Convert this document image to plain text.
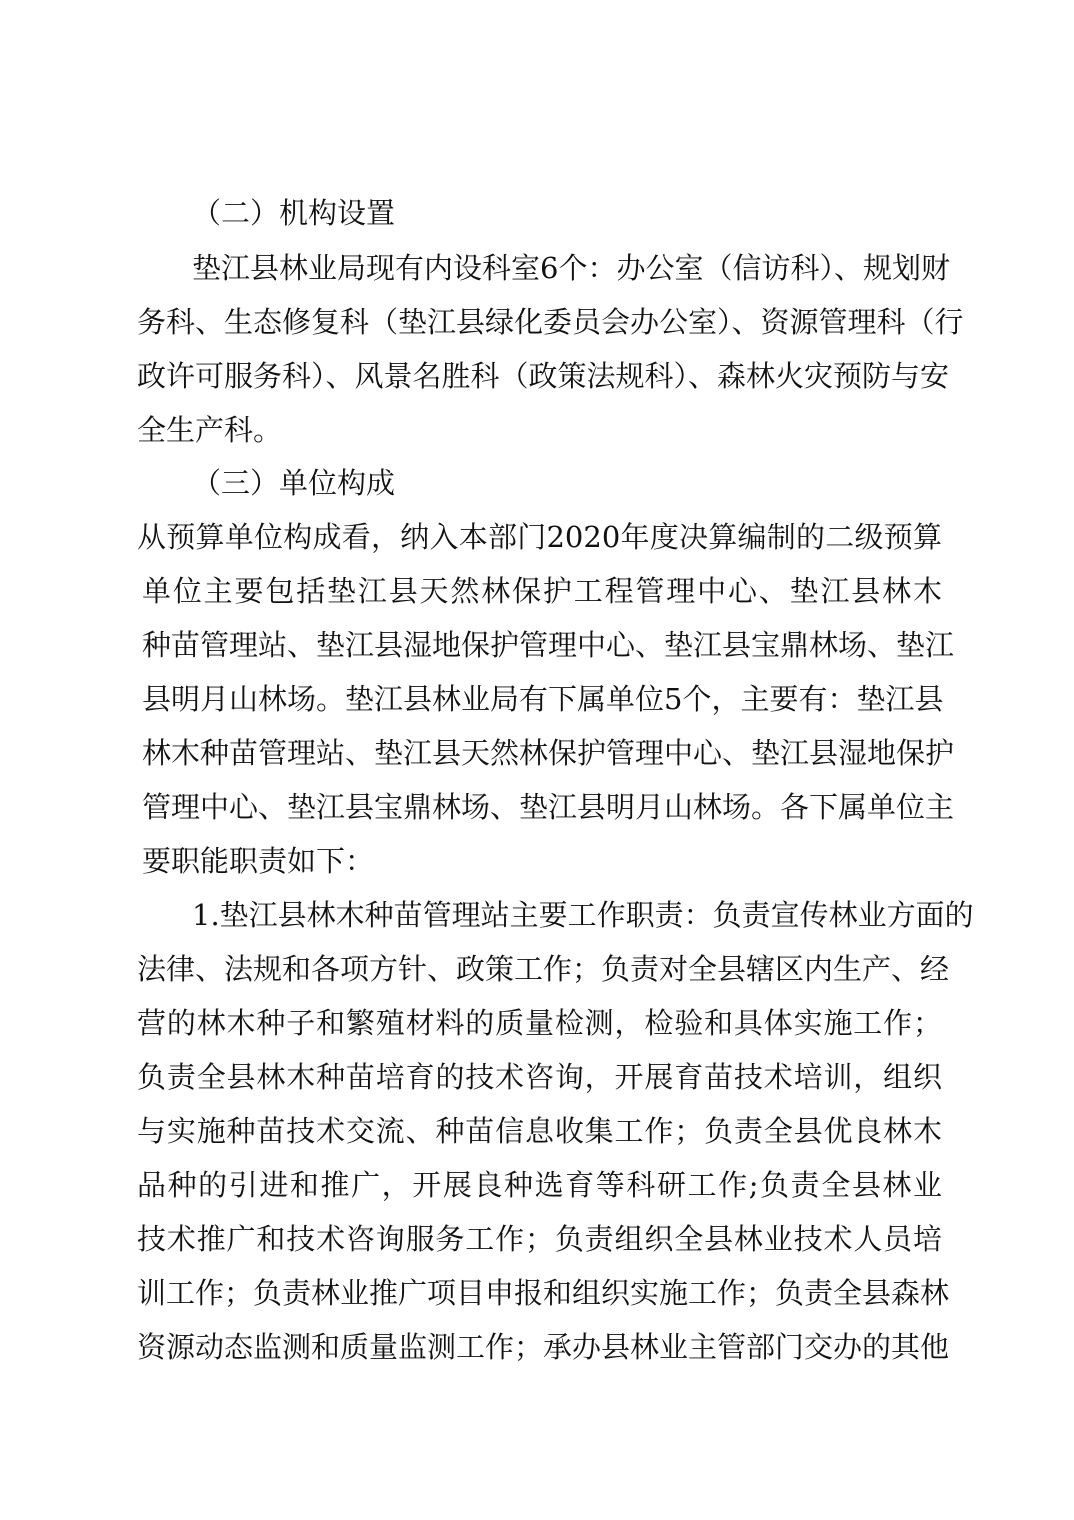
（二）机构设置

垫江县林业局现有内设科室6个：办公室（信访科）、规划财

务科、生态修复科（垫江县绿化委员会办公室）、资源管理科（行

政许可服务科）、风景名胜科（政策法规科）、森林火灾预防与安

全生产科。

（三）单位构成

从预算单位构成看，纳入本部门2020年度决算编制的二级预算

单位主要包括垫江县天然林保护工程管理中心、垫江县林木

种苗管理站、垫江县湿地保护管理中心、垫江县宝鼎林场、垫江

县明月山林场。垫江县林业局有下属单位5个，主要有：垫江县

林木种苗管理站、垫江县天然林保护管理中心、垫江县湿地保护

管理中心、垫江县宝鼎林场、垫江县明月山林场。各下属单位主

要职能职责如下：

1.垫江县林木种苗管理站主要工作职责：负责宣传林业方面的

法律、法规和各项方针、政策工作；负责对全县辖区内生产、经

营的林木种子和繁殖材料的质量检测，检验和具体实施工作；

负责全县林木种苗培育的技术咨询，开展育苗技术培训，组织

与实施种苗技术交流、种苗信息收集工作；负责全县优良林木

品种的引进和推广，开展良种选育等科研工作;负责全县林业

技术推广和技术咨询服务工作；负责组织全县林业技术人员培

训工作；负责林业推广项目申报和组织实施工作；负责全县森林

资源动态监测和质量监测工作；承办县林业主管部门交办的其他
